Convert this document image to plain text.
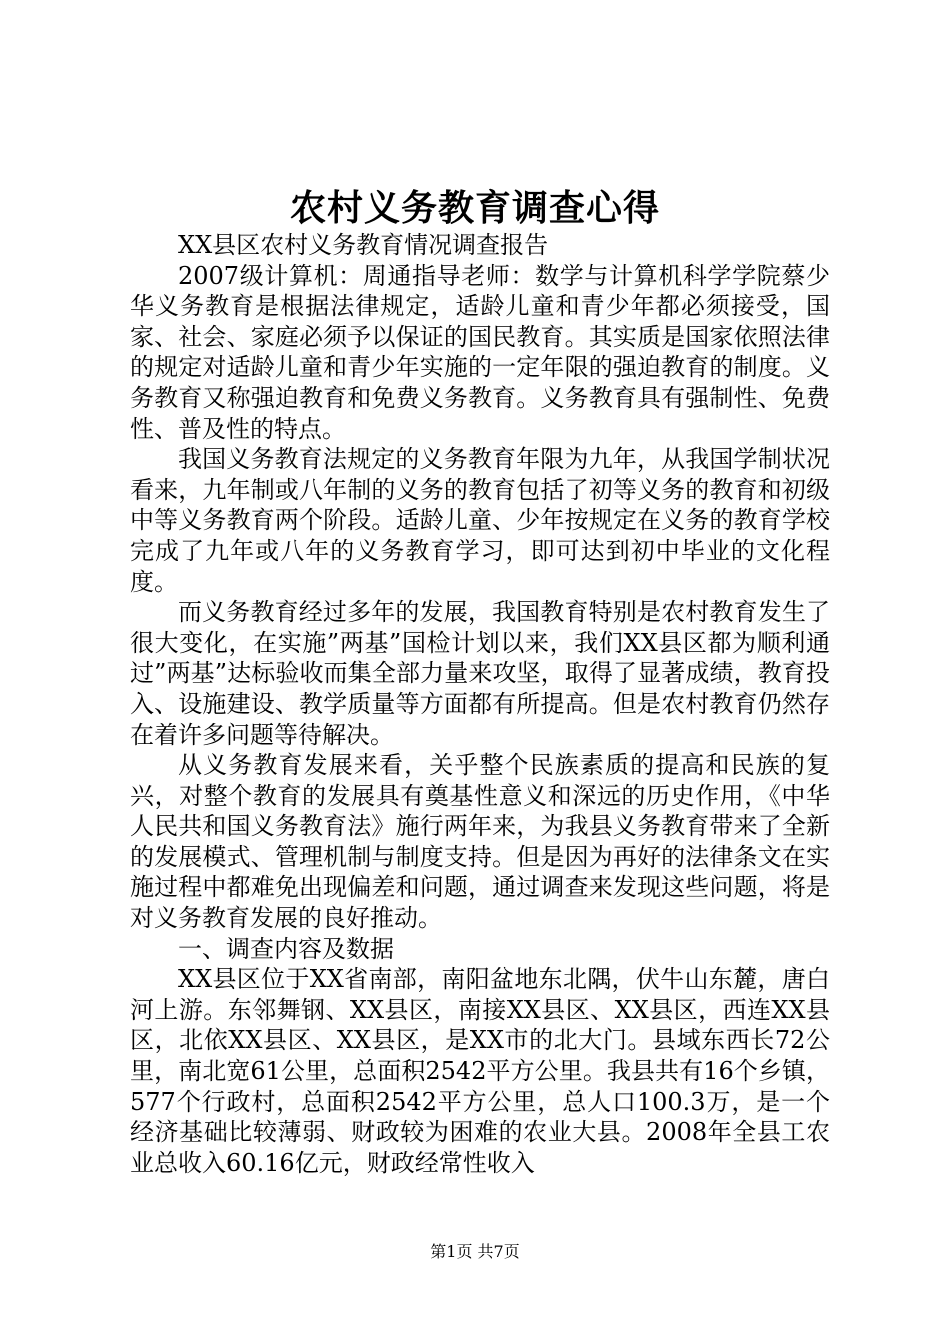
农村义务教育调查心得

XX县区农村义务教育情况调查报告

2007级计算机：周通指导老师：数学与计算机科学学院蔡少华义务教育是根据法律规定，适龄儿童和青少年都必须接受，国家、社会、家庭必须予以保证的国民教育。其实质是国家依照法律的规定对适龄儿童和青少年实施的一定年限的强迫教育的制度。义务教育又称强迫教育和免费义务教育。义务教育具有强制性、免费性、普及性的特点。

我国义务教育法规定的义务教育年限为九年，从我国学制状况看来，九年制或八年制的义务的教育包括了初等义务的教育和初级中等义务教育两个阶段。适龄儿童、少年按规定在义务的教育学校完成了九年或八年的义务教育学习，即可达到初中毕业的文化程度。

而义务教育经过多年的发展，我国教育特别是农村教育发生了很大变化，在实施”两基”国检计划以来，我们XX县区都为顺利通过”两基”达标验收而集全部力量来攻坚，取得了显著成绩，教育投入、设施建设、教学质量等方面都有所提高。但是农村教育仍然存在着许多问题等待解决。

从义务教育发展来看，关乎整个民族素质的提高和民族的复兴，对整个教育的发展具有奠基性意义和深远的历史作用，《中华人民共和国义务教育法》施行两年来，为我县义务教育带来了全新的发展模式、管理机制与制度支持。但是因为再好的法律条文在实施过程中都难免出现偏差和问题，通过调查来发现这些问题，将是对义务教育发展的良好推动。

一、调查内容及数据

XX县区位于XX省南部，南阳盆地东北隅，伏牛山东麓，唐白河上游。东邻舞钢、XX县区，南接XX县区、XX县区，西连XX县区，北依XX县区、XX县区，是XX市的北大门。县域东西长72公里，南北宽61公里，总面积2542平方公里。我县共有16个乡镇，577个行政村，总面积2542平方公里，总人口100.3万，是一个经济基础比较薄弱、财政较为困难的农业大县。2008年全县工农业总收入60.16亿元，财政经常性收入

第1页 共7页
